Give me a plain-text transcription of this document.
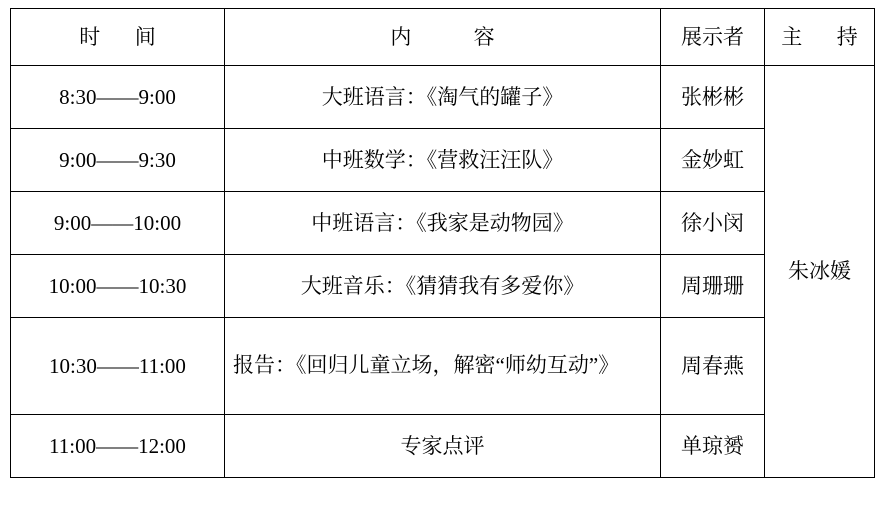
时　间	内　　容	展示者	主　持
8:30——9:00	大班语言：《淘气的罐子》	张彬彬	朱冰媛
9:00——9:30	中班数学：《营救汪汪队》	金妙虹	
9:00——10:00	中班语言：《我家是动物园》	徐小闵	
10:00——10:30	大班音乐：《猜猜我有多爱你》	周珊珊	
10:30——11:00	报告：《回归儿童立场，解密“师幼互动”》	周春燕	
11:00——12:00	专家点评	单琼赟	
